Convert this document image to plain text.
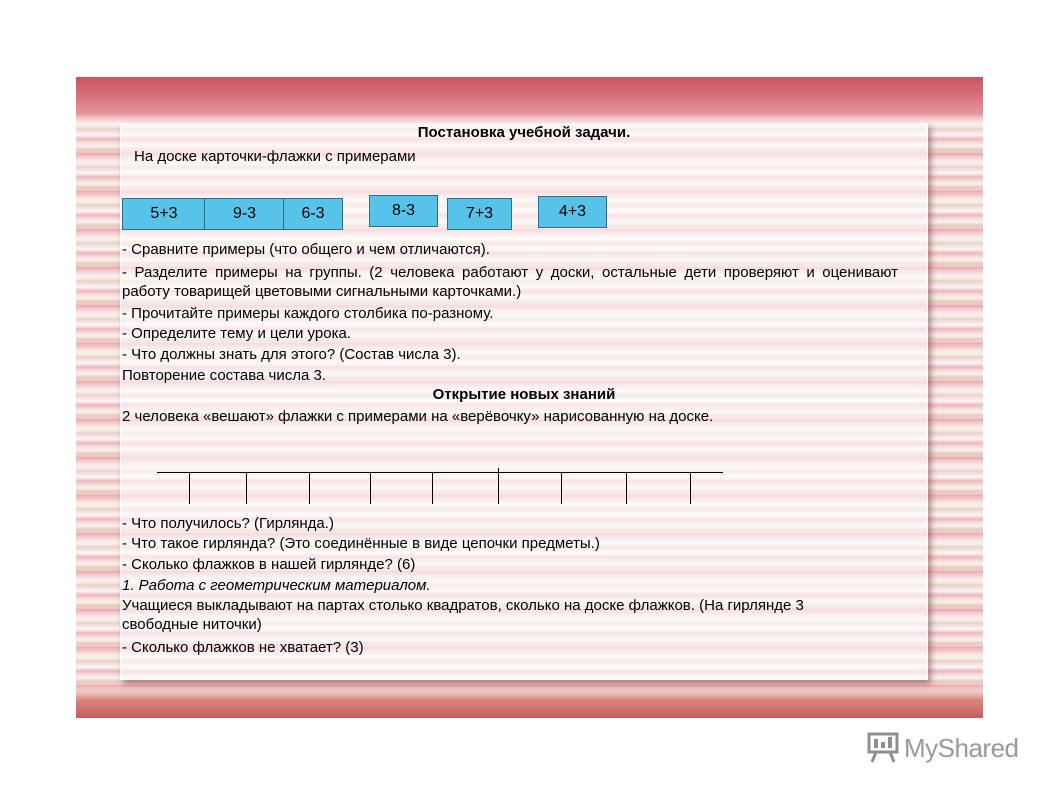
Постановка учебной задачи.
На доске карточки-флажки с примерами
5+3	9-3	6-3	8-3	7+3	4+3
- Сравните примеры (что общего и чем отличаются).
- Разделите примеры на группы. (2 человека работают у доски, остальные дети проверяют и оценивают работу товарищей цветовыми сигнальными карточками.)
- Прочитайте примеры каждого столбика по-разному.
- Определите тему и цели урока.
- Что должны знать для этого? (Состав числа 3).
Повторение состава числа 3.
Открытие новых знаний
2 человека «вешают» флажки с примерами на «верёвочку» нарисованную на доске.
- Что получилось? (Гирлянда.)
- Что такое гирлянда? (Это соединённые в виде цепочки предметы.)
- Сколько флажков в нашей гирлянде? (6)
1. Работа с геометрическим материалом.
Учащиеся выкладывают на партах столько квадратов, сколько на доске флажков. (На гирлянде 3 свободные ниточки)
- Сколько флажков не хватает? (3)
MyShared
